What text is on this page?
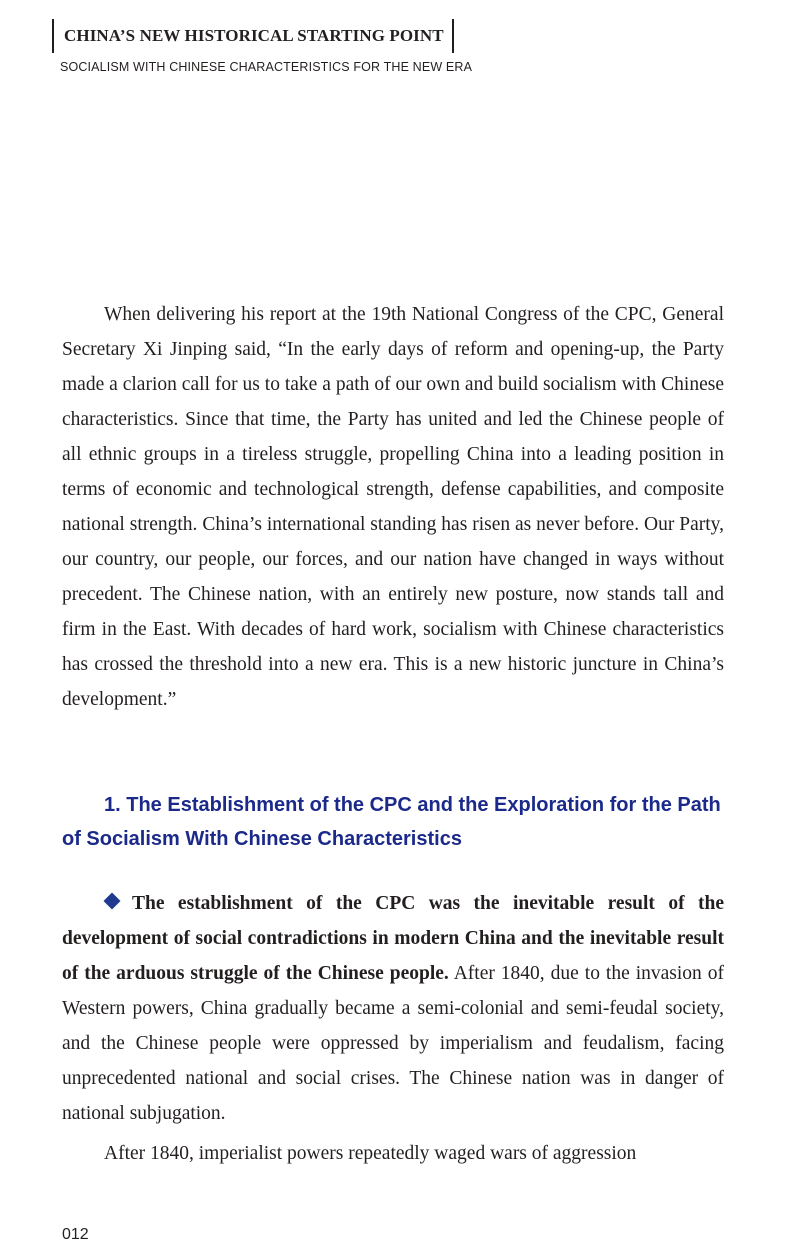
CHINA’S NEW HISTORICAL STARTING POINT
SOCIALISM WITH CHINESE CHARACTERISTICS FOR THE NEW ERA

When delivering his report at the 19th National Congress of the CPC, General Secretary Xi Jinping said, “In the early days of reform and opening-up, the Party made a clarion call for us to take a path of our own and build socialism with Chinese characteristics. Since that time, the Party has united and led the Chinese people of all ethnic groups in a tireless struggle, propelling China into a leading position in terms of economic and technological strength, defense capabilities, and composite national strength. China’s international standing has risen as never before. Our Party, our country, our people, our forces, and our nation have changed in ways without precedent. The Chinese nation, with an entirely new posture, now stands tall and firm in the East. With decades of hard work, socialism with Chinese characteristics has crossed the threshold into a new era. This is a new historic juncture in China’s development.”

1. The Establishment of the CPC and the Exploration for the Path of Socialism With Chinese Characteristics

The establishment of the CPC was the inevitable result of the development of social contradictions in modern China and the inevitable result of the arduous struggle of the Chinese people. After 1840, due to the invasion of Western powers, China gradually became a semi-colonial and semi-feudal society, and the Chinese people were oppressed by imperialism and feudalism, facing unprecedented national and social crises. The Chinese nation was in danger of national subjugation.

After 1840, imperialist powers repeatedly waged wars of aggression

012
